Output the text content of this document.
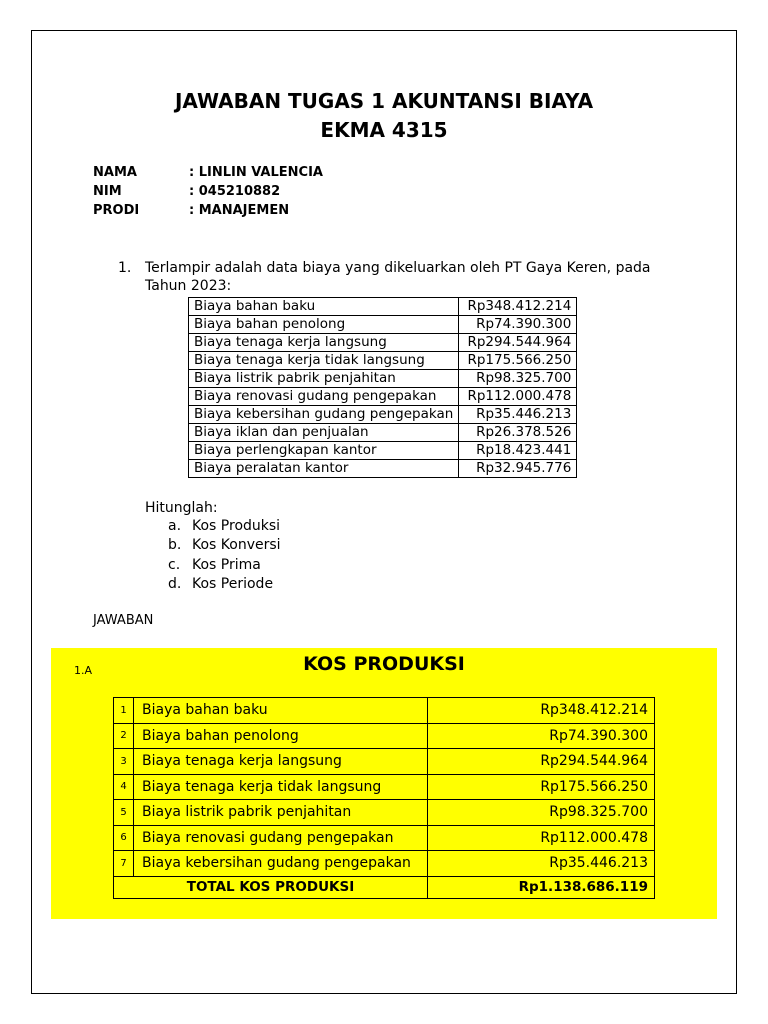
JAWABAN TUGAS 1 AKUNTANSI BIAYA
EKMA 4315
NAMA	: LINLIN VALENCIA
NIM	: 045210882
PRODI	: MANAJEMEN
1. Terlampir adalah data biaya yang dikeluarkan oleh PT Gaya Keren, pada Tahun 2023:
Biaya bahan baku	Rp348.412.214
Biaya bahan penolong	Rp74.390.300
Biaya tenaga kerja langsung	Rp294.544.964
Biaya tenaga kerja tidak langsung	Rp175.566.250
Biaya listrik pabrik penjahitan	Rp98.325.700
Biaya renovasi gudang pengepakan	Rp112.000.478
Biaya kebersihan gudang pengepakan	Rp35.446.213
Biaya iklan dan penjualan	Rp26.378.526
Biaya perlengkapan kantor	Rp18.423.441
Biaya peralatan kantor	Rp32.945.776
Hitunglah:
a. Kos Produksi
b. Kos Konversi
c. Kos Prima
d. Kos Periode
JAWABAN
1.A	KOS PRODUKSI
1	Biaya bahan baku	Rp348.412.214
2	Biaya bahan penolong	Rp74.390.300
3	Biaya tenaga kerja langsung	Rp294.544.964
4	Biaya tenaga kerja tidak langsung	Rp175.566.250
5	Biaya listrik pabrik penjahitan	Rp98.325.700
6	Biaya renovasi gudang pengepakan	Rp112.000.478
7	Biaya kebersihan gudang pengepakan	Rp35.446.213
TOTAL KOS PRODUKSI		Rp1.138.686.119
